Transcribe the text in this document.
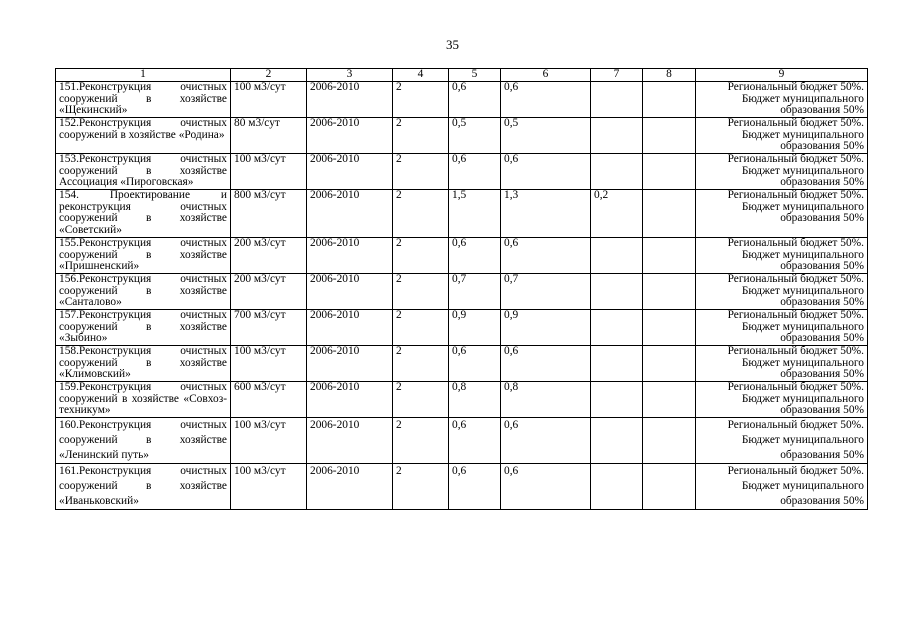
35
1	2	3	4	5	6	7	8	9
151.Реконструкция очистных сооружений в хозяйстве «Щекинский»	100 м3/сут	2006-2010	2	0,6	0,6			Региональный бюджет 50%. Бюджет муниципального образования 50%
152.Реконструкция очистных сооружений в хозяйстве «Родина»	80 м3/сут	2006-2010	2	0,5	0,5			Региональный бюджет 50%. Бюджет муниципального образования 50%
153.Реконструкция очистных сооружений в хозяйстве Ассоциация «Пироговская»	100 м3/сут	2006-2010	2	0,6	0,6			Региональный бюджет 50%. Бюджет муниципального образования 50%
154. Проектирование и реконструкция очистных сооружений в хозяйстве «Советский»	800 м3/сут	2006-2010	2	1,5	1,3	0,2		Региональный бюджет 50%. Бюджет муниципального образования 50%
155.Реконструкция очистных сооружений в хозяйстве «Пришненский»	200 м3/сут	2006-2010	2	0,6	0,6			Региональный бюджет 50%. Бюджет муниципального образования 50%
156.Реконструкция очистных сооружений в хозяйстве «Санталово»	200 м3/сут	2006-2010	2	0,7	0,7			Региональный бюджет 50%. Бюджет муниципального образования 50%
157.Реконструкция очистных сооружений в хозяйстве «Зыбино»	700 м3/сут	2006-2010	2	0,9	0,9			Региональный бюджет 50%. Бюджет муниципального образования 50%
158.Реконструкция очистных сооружений в хозяйстве «Климовский»	100 м3/сут	2006-2010	2	0,6	0,6			Региональный бюджет 50%. Бюджет муниципального образования 50%
159.Реконструкция очистных сооружений в хозяйстве «Совхоз-техникум»	600 м3/сут	2006-2010	2	0,8	0,8			Региональный бюджет 50%. Бюджет муниципального образования 50%
160.Реконструкция очистных сооружений в хозяйстве «Ленинский путь»	100 м3/сут	2006-2010	2	0,6	0,6			Региональный бюджет 50%. Бюджет муниципального образования 50%
161.Реконструкция очистных сооружений в хозяйстве «Иваньковский»	100 м3/сут	2006-2010	2	0,6	0,6			Региональный бюджет 50%. Бюджет муниципального образования 50%
